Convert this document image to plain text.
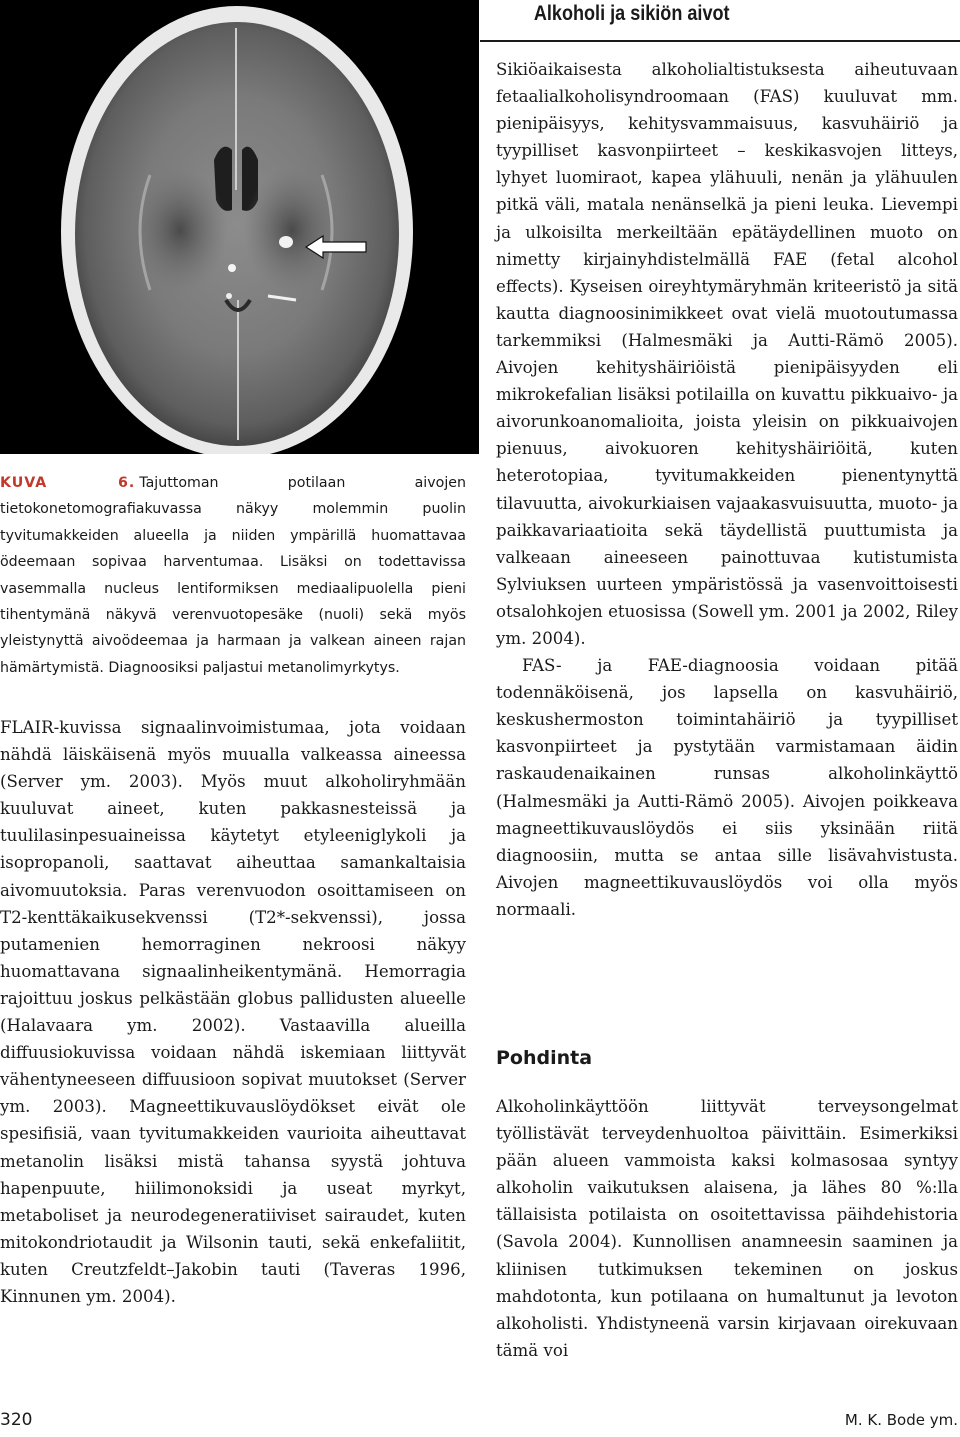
Alkoholi ja sikiön aivot
KUVA 6. Tajuttoman potilaan aivojen tietokonetomografiakuvassa näkyy molemmin puolin tyvitumakkeiden alueella ja niiden ympärillä huomattavaa ödeemaan sopivaa harventumaa. Lisäksi on todettavissa vasemmalla nucleus lentiformiksen mediaalipuolella pieni tihentymänä näkyvä verenvuotopesäke (nuoli) sekä myös yleistynyttä aivoödeemaa ja harmaan ja valkean aineen rajan hämärtymistä. Diagnoosiksi paljastui metanolimyrkytys.

FLAIR-kuvissa signaalinvoimistumaa, jota voidaan nähdä läiskäisenä myös muualla valkeassa aineessa (Server ym. 2003). Myös muut alkoholiryhmään kuuluvat aineet, kuten pakkasnesteissä ja tuulilasinpesuaineissa käytetyt etyleeniglykoli ja isopropanoli, saattavat aiheuttaa samankaltaisia aivomuutoksia. Paras verenvuodon osoittamiseen on T2-kenttäkaikusekvenssi (T2*-sekvenssi), jossa putamenien hemorraginen nekroosi näkyy huomattavana signaalinheikentymänä. Hemorragia rajoittuu joskus pelkästään globus pallidusten alueelle (Halavaara ym. 2002). Vastaavilla alueilla diffuusiokuvissa voidaan nähdä iskemiaan liittyvät vähentyneeseen diffuusioon sopivat muutokset (Server ym. 2003). Magneettikuvauslöydökset eivät ole spesifisiä, vaan tyvitumakkeiden vaurioita aiheuttavat metanolin lisäksi mistä tahansa syystä johtuva hapenpuute, hiilimonoksidi ja useat myrkyt, metaboliset ja neurodegeneratiiviset sairaudet, kuten mitokondriotaudit ja Wilsonin tauti, sekä enkefaliitit, kuten Creutzfeldt–Jakobin tauti (Taveras 1996, Kinnunen ym. 2004).

Sikiöaikaisesta alkoholialtistuksesta aiheutuvaan fetaalialkoholisyndroomaan (FAS) kuuluvat mm. pienipäisyys, kehitysvammaisuus, kasvuhäiriö ja tyypilliset kasvonpiirteet – keskikasvojen litteys, lyhyet luomiraot, kapea ylähuuli, nenän ja ylähuulen pitkä väli, matala nenänselkä ja pieni leuka. Lievempi ja ulkoisilta merkeiltään epätäydellinen muoto on nimetty kirjainyhdistelmällä FAE (fetal alcohol effects). Kyseisen oireyhtymäryhmän kriteeristö ja sitä kautta diagnoosinimikkeet ovat vielä muotoutumassa tarkemmiksi (Halmesmäki ja Autti-Rämö 2005). Aivojen kehityshäiriöistä pienipäisyyden eli mikrokefalian lisäksi potilailla on kuvattu pikkuaivo- ja aivorunkoanomalioita, joista yleisin on pikkuaivojen pienuus, aivokuoren kehityshäiriöitä, kuten heterotopiaa, tyvitumakkeiden pienentynyttä tilavuutta, aivokurkiaisen vajaakasvuisuutta, muoto- ja paikkavariaatioita sekä täydellistä puuttumista ja valkeaan aineeseen painottuvaa kutistumista Sylviuksen uurteen ympäristössä ja vasenvoittoisesti otsalohkojen etuosissa (Sowell ym. 2001 ja 2002, Riley ym. 2004).

FAS- ja FAE-diagnoosia voidaan pitää todennäköisenä, jos lapsella on kasvuhäiriö, keskushermoston toimintahäiriö ja tyypilliset kasvonpiirteet ja pystytään varmistamaan äidin raskaudenaikainen runsas alkoholinkäyttö (Halmesmäki ja Autti-Rämö 2005). Aivojen poikkeava magneettikuvauslöydös ei siis yksinään riitä diagnoosiin, mutta se antaa sille lisävahvistusta. Aivojen magneettikuvauslöydös voi olla myös normaali.

Pohdinta

Alkoholinkäyttöön liittyvät terveysongelmat työllistävät terveydenhuoltoa päivittäin. Esimerkiksi pään alueen vammoista kaksi kolmasosaa syntyy alkoholin vaikutuksen alaisena, ja lähes 80 %:lla tällaisista potilaista on osoitettavissa päihdehistoria (Savola 2004). Kunnollisen anamneesin saaminen ja kliinisen tutkimuksen tekeminen on joskus mahdotonta, kun potilaana on humaltunut ja levoton alkoholisti. Yhdistyneenä varsin kirjavaan oirekuvaan tämä voi

320	M. K. Bode ym.
